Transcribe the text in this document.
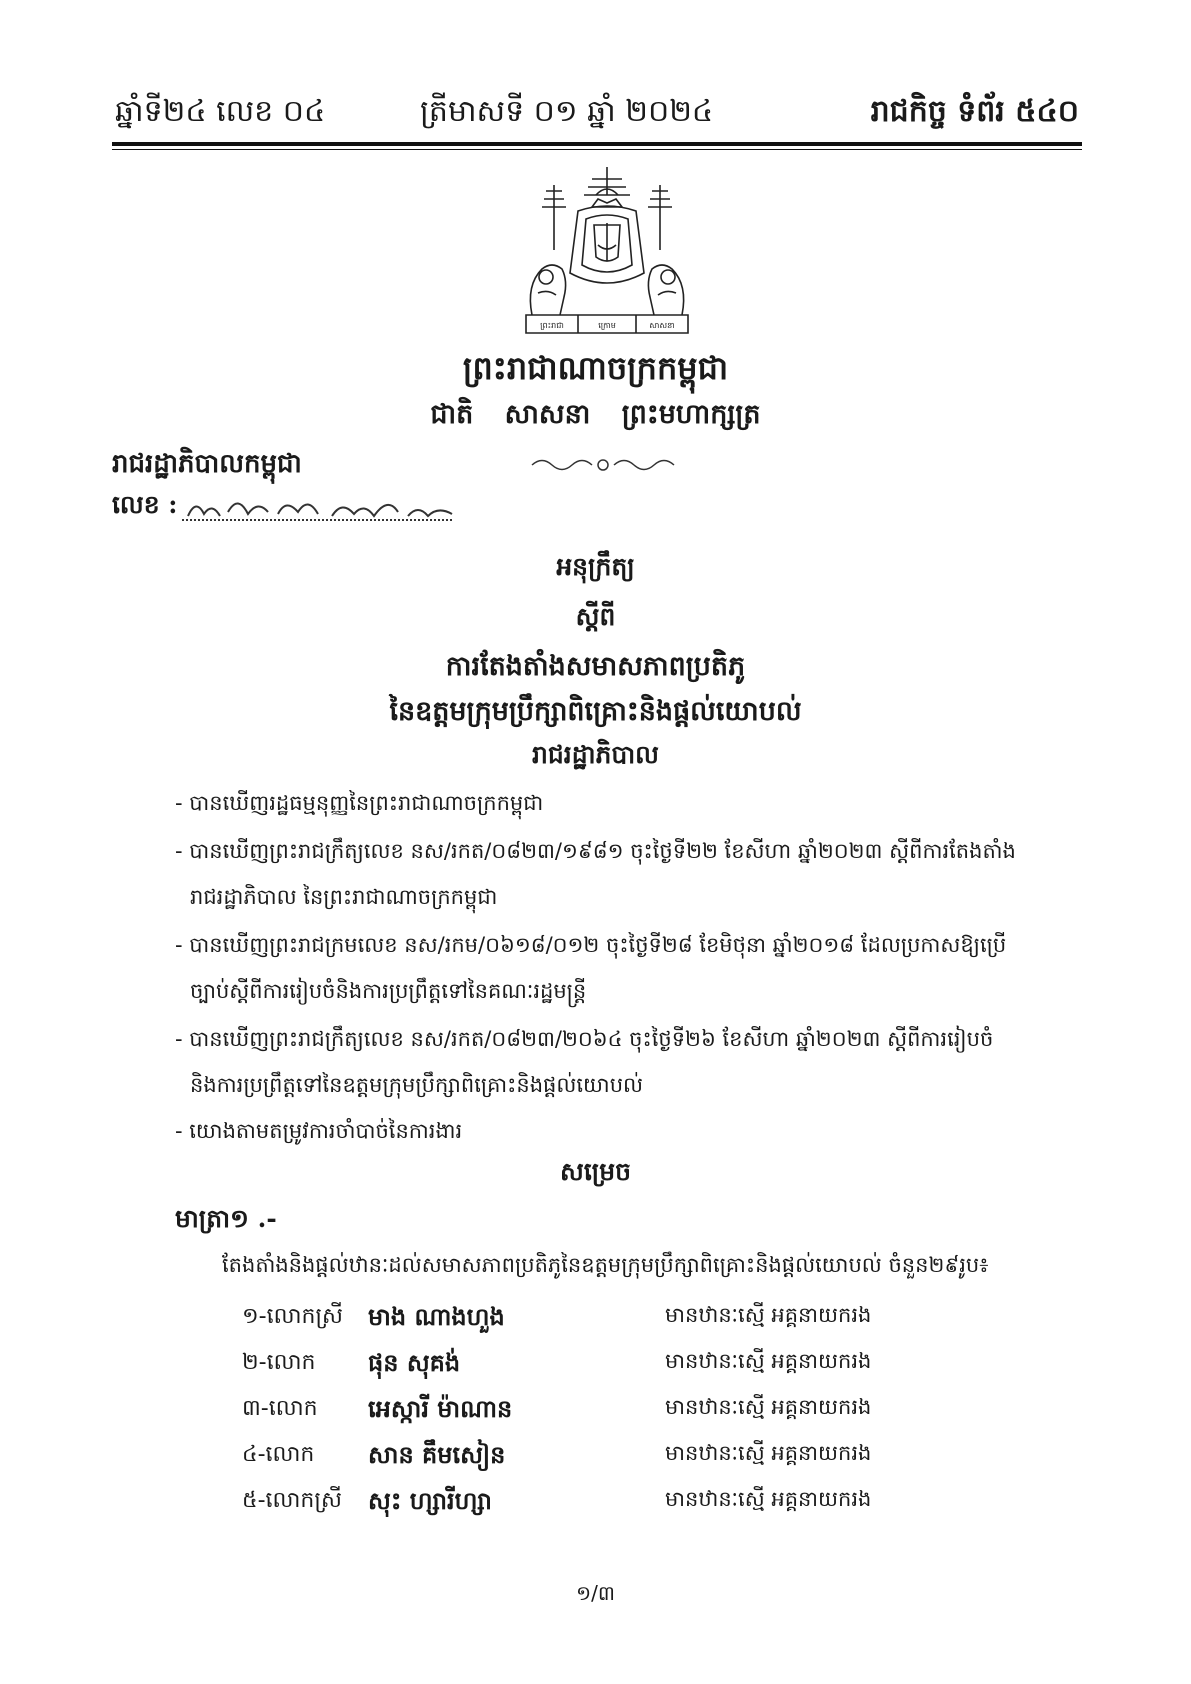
ឆ្នាំទី២៤ លេខ ០៤	ត្រីមាសទី ០១ ឆ្នាំ ២០២៤	រាជកិច្ច ទំព័រ ៥៤០
ព្រះរាជា	ក្រោម	សាសនា
ព្រះរាជាណាចក្រកម្ពុជា
ជាតិ សាសនា ព្រះមហាក្សត្រ
រាជរដ្ឋាភិបាលកម្ពុជា
លេខ :
អនុក្រឹត្យ
ស្តីពី
ការតែងតាំងសមាសភាពប្រតិភូ
នៃឧត្តមក្រុមប្រឹក្សាពិគ្រោះនិងផ្តល់យោបល់
រាជរដ្ឋាភិបាល
- បានឃើញរដ្ឋធម្មនុញ្ញនៃព្រះរាជាណាចក្រកម្ពុជា
- បានឃើញព្រះរាជក្រឹត្យលេខ នស/រកត/០៨២៣/១៩៨១ ចុះថ្ងៃទី២២ ខែសីហា ឆ្នាំ២០២៣ ស្តីពីការតែងតាំង
រាជរដ្ឋាភិបាល នៃព្រះរាជាណាចក្រកម្ពុជា
- បានឃើញព្រះរាជក្រមលេខ នស/រកម/០៦១៨/០១២ ចុះថ្ងៃទី២៨ ខែមិថុនា ឆ្នាំ២០១៨ ដែលប្រកាសឱ្យប្រើ
ច្បាប់ស្តីពីការរៀបចំនិងការប្រព្រឹត្តទៅនៃគណៈរដ្ឋមន្ត្រី
- បានឃើញព្រះរាជក្រឹត្យលេខ នស/រកត/០៨២៣/២០៦៤ ចុះថ្ងៃទី២៦ ខែសីហា ឆ្នាំ២០២៣ ស្តីពីការរៀបចំ
និងការប្រព្រឹត្តទៅនៃឧត្តមក្រុមប្រឹក្សាពិគ្រោះនិងផ្តល់យោបល់
- យោងតាមតម្រូវការចាំបាច់នៃការងារ
សម្រេច
មាត្រា១ .-
តែងតាំងនិងផ្តល់ឋានៈដល់សមាសភាពប្រតិភូនៃឧត្តមក្រុមប្រឹក្សាពិគ្រោះនិងផ្តល់យោបល់ ចំនួន២៩រូប៖
១-លោកស្រី មាង ណាងហួង	មានឋានៈស្មើ អគ្គនាយករង
២-លោក ផុន សុគង់	មានឋានៈស្មើ អគ្គនាយករង
៣-លោក អេស្ការី ម៉ាណាន	មានឋានៈស្មើ អគ្គនាយករង
៤-លោក សាន គឹមសៀន	មានឋានៈស្មើ អគ្គនាយករង
៥-លោកស្រី សុះ ហ្សារីហ្សា	មានឋានៈស្មើ អគ្គនាយករង
១/៣
